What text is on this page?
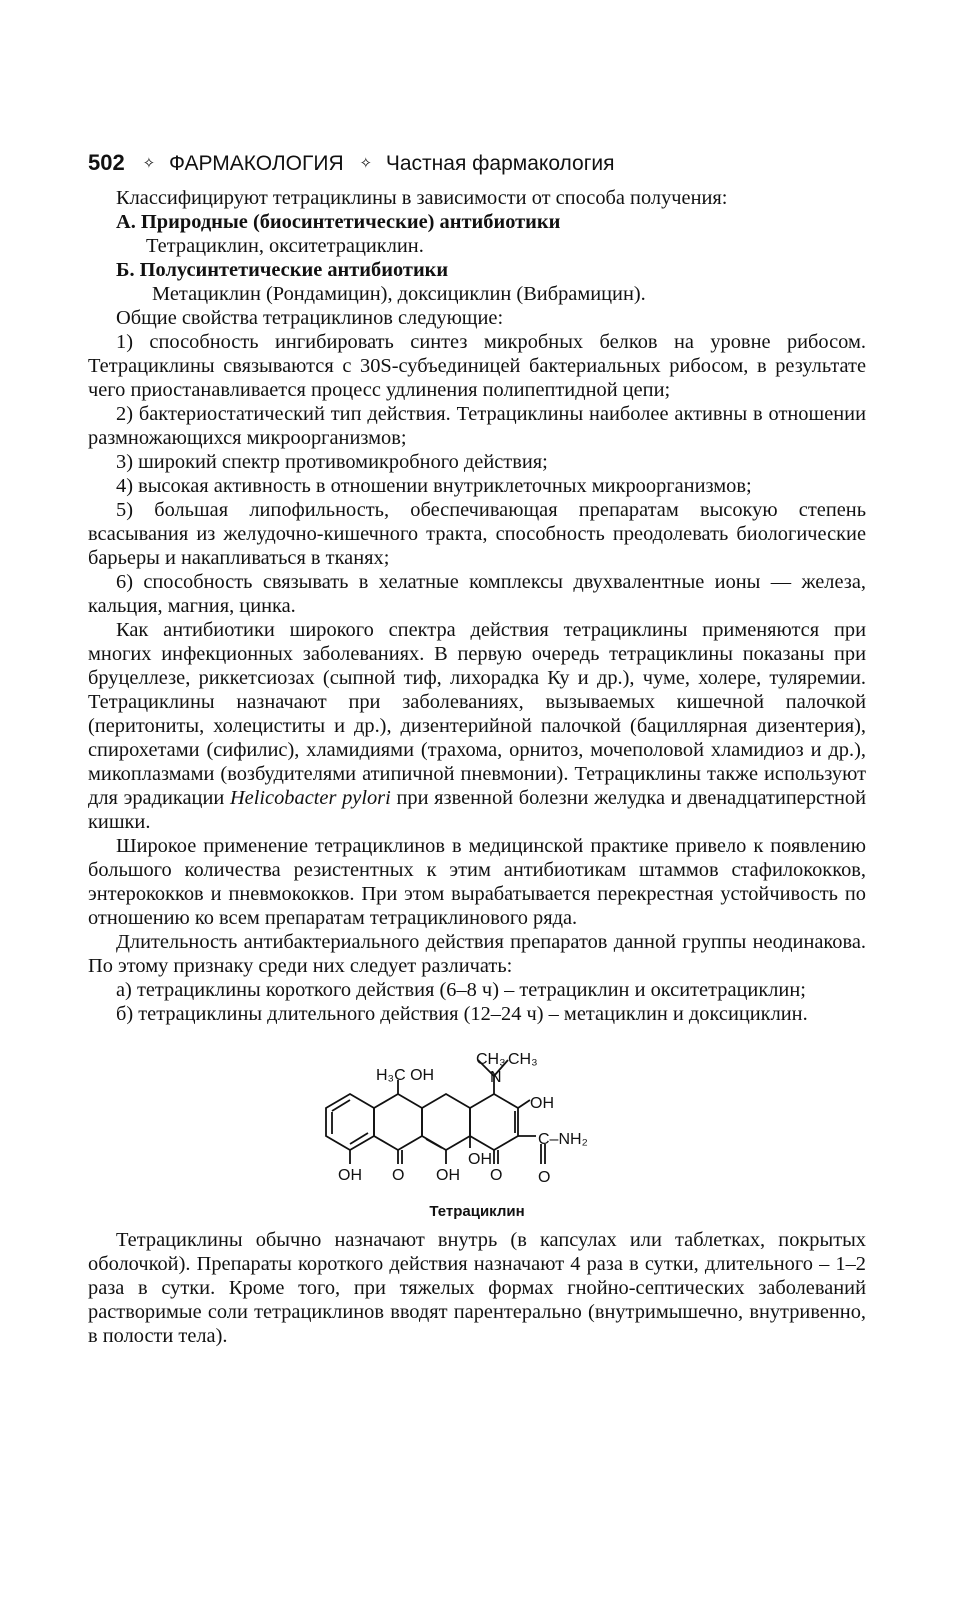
502 ✧ ФАРМАКОЛОГИЯ ✧ Частная фармакология

Классифицируют тетрациклины в зависимости от способа получения:

А. Природные (биосинтетические) антибиотики

Тетрациклин, окситетрациклин.

Б. Полусинтетические антибиотики

Метациклин (Рондамицин), доксициклин (Вибрамицин).

Общие свойства тетрациклинов следующие:

1) способность ингибировать синтез микробных белков на уровне рибосом. Тетрациклины связываются с 30S-субъединицей бактериальных рибосом, в результате чего приостанавливается процесс удлинения полипептидной цепи;

2) бактериостатический тип действия. Тетрациклины наиболее активны в отношении размножающихся микроорганизмов;

3) широкий спектр противомикробного действия;

4) высокая активность в отношении внутриклеточных микроорганизмов;

5) большая липофильность, обеспечивающая препаратам высокую степень всасывания из желудочно-кишечного тракта, способность преодолевать биологические барьеры и накапливаться в тканях;

6) способность связывать в хелатные комплексы двухвалентные ионы — железа, кальция, магния, цинка.

Как антибиотики широкого спектра действия тетрациклины применяются при многих инфекционных заболеваниях. В первую очередь тетрациклины показаны при бруцеллезе, риккетсиозах (сыпной тиф, лихорадка Ку и др.), чуме, холере, туляремии. Тетрациклины назначают при заболеваниях, вызываемых кишечной палочкой (перитониты, холециститы и др.), дизентерийной палочкой (бациллярная дизентерия), спирохетами (сифилис), хламидиями (трахома, орнитоз, мочеполовой хламидиоз и др.), микоплазмами (возбудителями атипичной пневмонии). Тетрациклины также используют для эрадикации Helicobacter pylori при язвенной болезни желудка и двенадцатиперстной кишки.

Широкое применение тетрациклинов в медицинской практике привело к появлению большого количества резистентных к этим антибиотикам штаммов стафилококков, энтерококков и пневмококков. При этом вырабатывается перекрестная устойчивость по отношению ко всем препаратам тетрациклинового ряда.

Длительность антибактериального действия препаратов данной группы неодинакова. По этому признаку среди них следует различать:

а) тетрациклины короткого действия (6–8 ч) – тетрациклин и окситетрациклин;

б) тетрациклины длительного действия (12–24 ч) – метациклин и доксициклин.

CH₃ CH₃
N
H₃C OH
OH
C–NH₂
OH O OH
OH
O O
Тетрациклин

Тетрациклины обычно назначают внутрь (в капсулах или таблетках, покрытых оболочкой). Препараты короткого действия назначают 4 раза в сутки, длительного – 1–2 раза в сутки. Кроме того, при тяжелых формах гнойно-септических заболеваний растворимые соли тетрациклинов вводят парентерально (внутримышечно, внутривенно, в полости тела).
